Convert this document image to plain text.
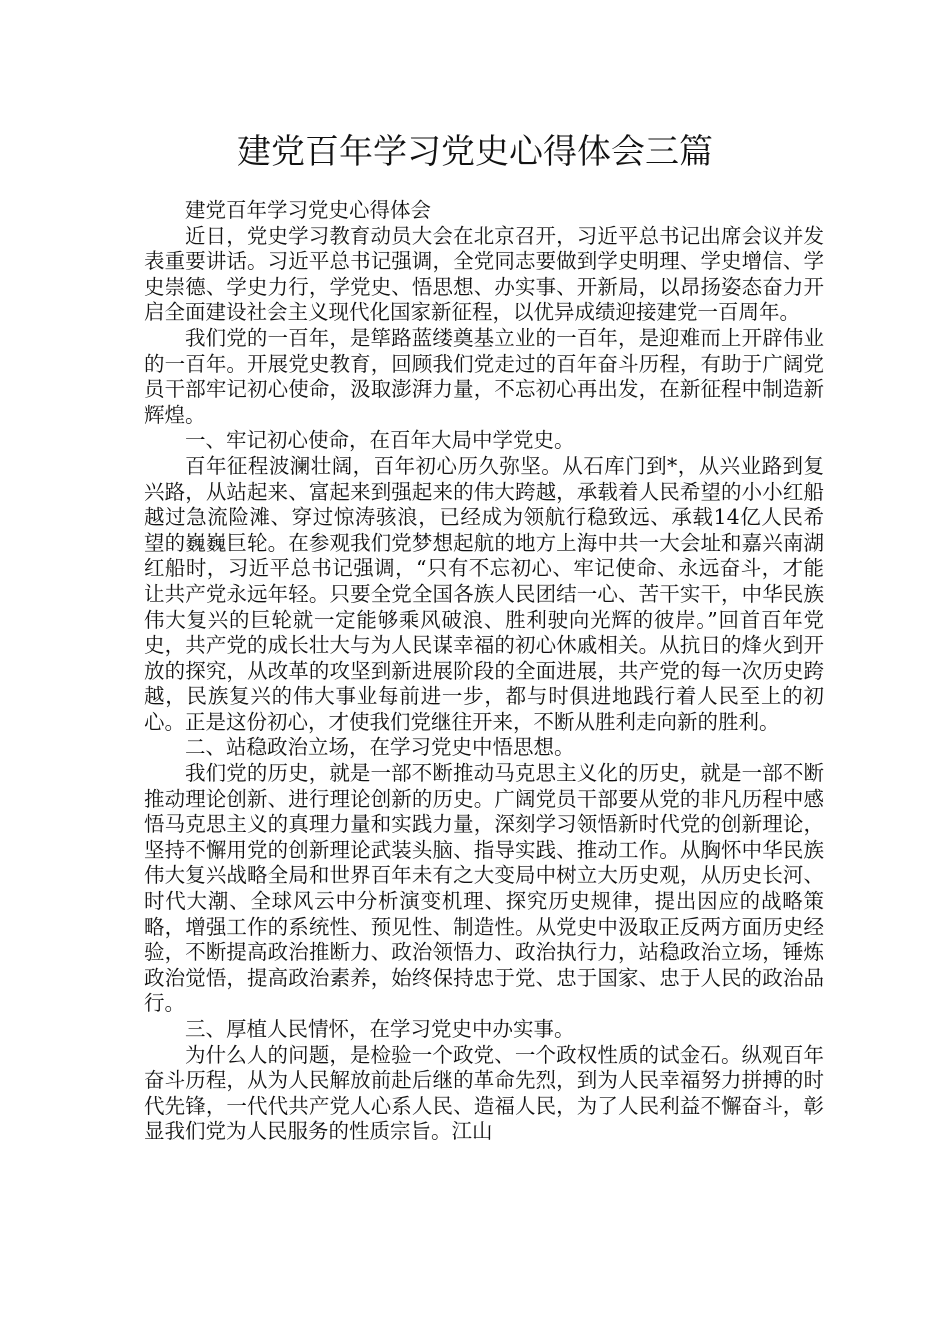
建党百年学习党史心得体会三篇

建党百年学习党史心得体会

近日，党史学习教育动员大会在北京召开，习近平总书记出席会议并发表重要讲话。习近平总书记强调，全党同志要做到学史明理、学史增信、学史崇德、学史力行，学党史、悟思想、办实事、开新局，以昂扬姿态奋力开启全面建设社会主义现代化国家新征程，以优异成绩迎接建党一百周年。

我们党的一百年，是筚路蓝缕奠基立业的一百年，是迎难而上开辟伟业的一百年。开展党史教育，回顾我们党走过的百年奋斗历程，有助于广阔党员干部牢记初心使命，汲取澎湃力量，不忘初心再出发，在新征程中制造新辉煌。

一、牢记初心使命，在百年大局中学党史。

百年征程波澜壮阔，百年初心历久弥坚。从石库门到*，从兴业路到复兴路，从站起来、富起来到强起来的伟大跨越，承载着人民希望的小小红船越过急流险滩、穿过惊涛骇浪，已经成为领航行稳致远、承载14亿人民希望的巍巍巨轮。在参观我们党梦想起航的地方上海中共一大会址和嘉兴南湖红船时，习近平总书记强调，“只有不忘初心、牢记使命、永远奋斗，才能让共产党永远年轻。只要全党全国各族人民团结一心、苦干实干，中华民族伟大复兴的巨轮就一定能够乘风破浪、胜利驶向光辉的彼岸。”回首百年党史，共产党的成长壮大与为人民谋幸福的初心休戚相关。从抗日的烽火到开放的探究，从改革的攻坚到新进展阶段的全面进展，共产党的每一次历史跨越，民族复兴的伟大事业每前进一步，都与时俱进地践行着人民至上的初心。正是这份初心，才使我们党继往开来，不断从胜利走向新的胜利。

二、站稳政治立场，在学习党史中悟思想。

我们党的历史，就是一部不断推动马克思主义化的历史，就是一部不断推动理论创新、进行理论创新的历史。广阔党员干部要从党的非凡历程中感悟马克思主义的真理力量和实践力量，深刻学习领悟新时代党的创新理论，坚持不懈用党的创新理论武装头脑、指导实践、推动工作。从胸怀中华民族伟大复兴战略全局和世界百年未有之大变局中树立大历史观，从历史长河、时代大潮、全球风云中分析演变机理、探究历史规律，提出因应的战略策略，增强工作的系统性、预见性、制造性。从党史中汲取正反两方面历史经验，不断提高政治推断力、政治领悟力、政治执行力，站稳政治立场，锤炼政治觉悟，提高政治素养，始终保持忠于党、忠于国家、忠于人民的政治品行。

三、厚植人民情怀，在学习党史中办实事。

为什么人的问题，是检验一个政党、一个政权性质的试金石。纵观百年奋斗历程，从为人民解放前赴后继的革命先烈，到为人民幸福努力拼搏的时代先锋，一代代共产党人心系人民、造福人民，为了人民利益不懈奋斗，彰显我们党为人民服务的性质宗旨。江山
